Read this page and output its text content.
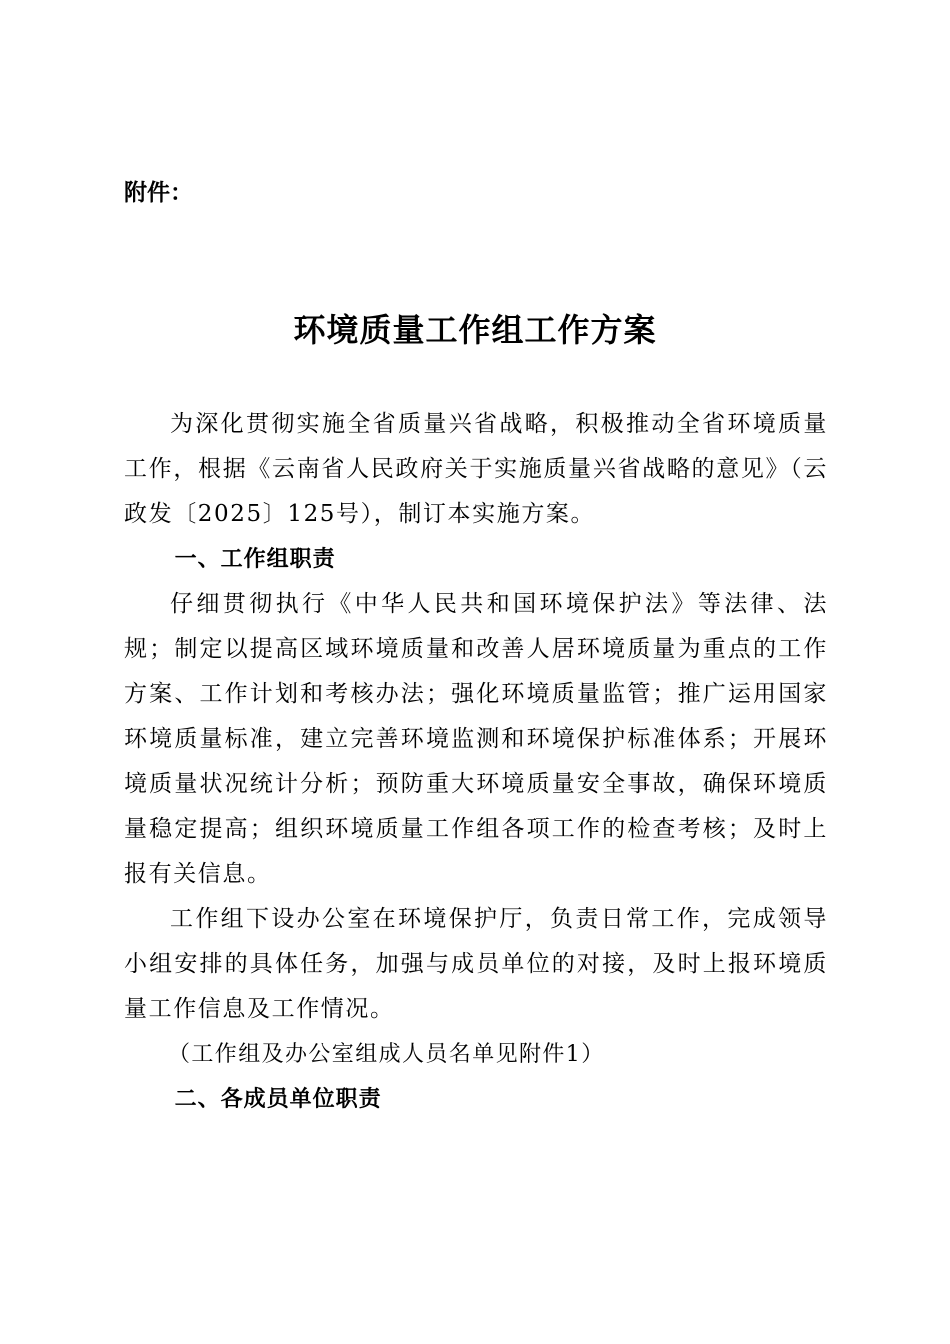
附件：

环境质量工作组工作方案

为深化贯彻实施全省质量兴省战略，积极推动全省环境质量工作，根据《云南省人民政府关于实施质量兴省战略的意见》（云政发〔2025〕125号），制订本实施方案。

一、工作组职责

仔细贯彻执行《中华人民共和国环境保护法》等法律、法规；制定以提高区域环境质量和改善人居环境质量为重点的工作方案、工作计划和考核办法；强化环境质量监管；推广运用国家环境质量标准，建立完善环境监测和环境保护标准体系；开展环境质量状况统计分析；预防重大环境质量安全事故，确保环境质量稳定提高；组织环境质量工作组各项工作的检查考核；及时上报有关信息。

工作组下设办公室在环境保护厅，负责日常工作，完成领导小组安排的具体任务，加强与成员单位的对接，及时上报环境质量工作信息及工作情况。

（工作组及办公室组成人员名单见附件1）

二、各成员单位职责
